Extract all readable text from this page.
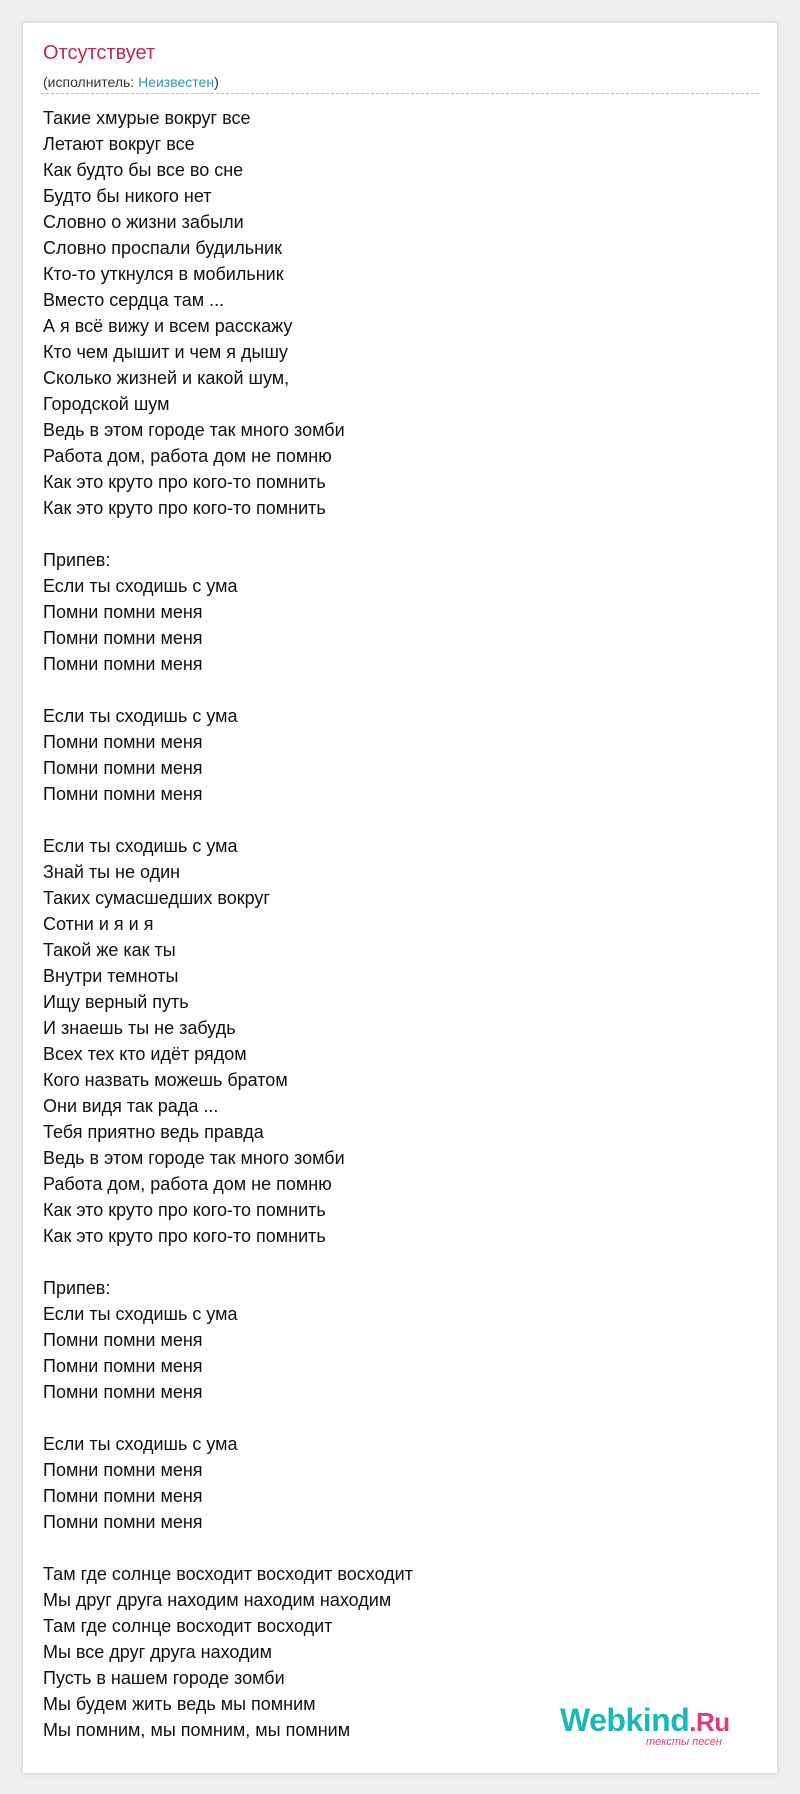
Отсутствует
(исполнитель: Неизвестен)
Такие хмурые вокруг все
Летают вокруг все
Как будто бы все во сне
Будто бы никого нет
Словно о жизни забыли
Словно проспали будильник
Кто-то уткнулся в мобильник
Вместо сердца там ...
А я всё вижу и всем расскажу
Кто чем дышит и чем я дышу
Сколько жизней и какой шум,
Городской шум
Ведь в этом городе так много зомби
Работа дом, работа дом не помню
Как это круто про кого-то помнить
Как это круто про кого-то помнить
Припев:
Если ты сходишь с ума
Помни помни меня
Помни помни меня
Помни помни меня
Если ты сходишь с ума
Помни помни меня
Помни помни меня
Помни помни меня
Если ты сходишь с ума
Знай ты не один
Таких сумасшедших вокруг
Сотни и я и я
Такой же как ты
Внутри темноты
Ищу верный путь
И знаешь ты не забудь
Всех тех кто идёт рядом
Кого назвать можешь братом
Они видя так рада ...
Тебя приятно ведь правда
Ведь в этом городе так много зомби
Работа дом, работа дом не помню
Как это круто про кого-то помнить
Как это круто про кого-то помнить
Припев:
Если ты сходишь с ума
Помни помни меня
Помни помни меня
Помни помни меня
Если ты сходишь с ума
Помни помни меня
Помни помни меня
Помни помни меня
Там где солнце восходит восходит восходит
Мы друг друга находим находим находим
Там где солнце восходит восходит
Мы все друг друга находим
Пусть в нашем городе зомби
Мы будем жить ведь мы помним
Мы помним, мы помним, мы помним	Webkind.Ru
тексты песен
